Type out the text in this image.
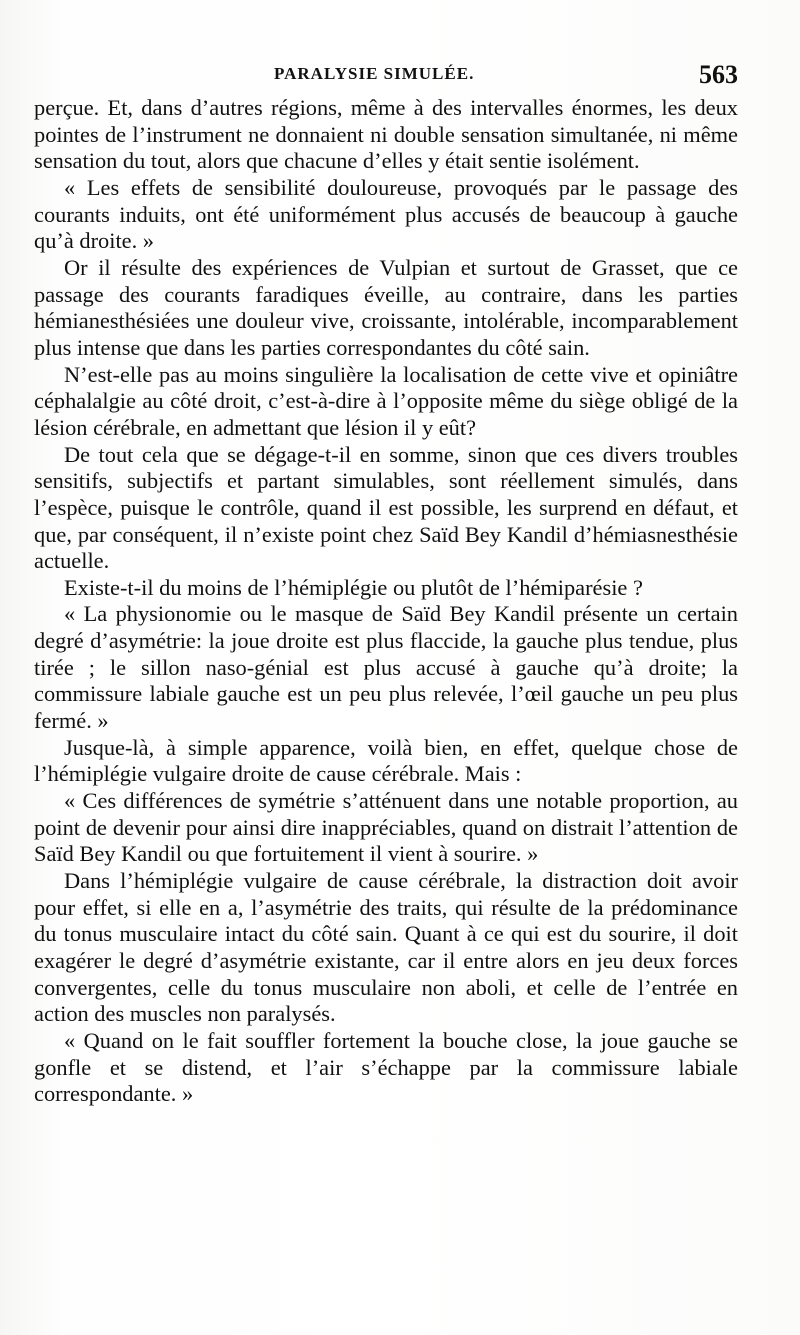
PARALYSIE SIMULÉE.	563

perçue. Et, dans d’autres régions, même à des intervalles énormes, les deux pointes de l’instrument ne donnaient ni double sensation simultanée, ni même sensation du tout, alors que chacune d’elles y était sentie isolément.

« Les effets de sensibilité douloureuse, provoqués par le passage des courants induits, ont été uniformément plus accusés de beaucoup à gauche qu’à droite. »

Or il résulte des expériences de Vulpian et surtout de Grasset, que ce passage des courants faradiques éveille, au contraire, dans les parties hémianesthésiées une douleur vive, croissante, intolérable, incomparablement plus intense que dans les parties correspondantes du côté sain.

N’est-elle pas au moins singulière la localisation de cette vive et opiniâtre céphalalgie au côté droit, c’est-à-dire à l’opposite même du siège obligé de la lésion cérébrale, en admettant que lésion il y eût?

De tout cela que se dégage-t-il en somme, sinon que ces divers troubles sensitifs, subjectifs et partant simulables, sont réellement simulés, dans l’espèce, puisque le contrôle, quand il est possible, les surprend en défaut, et que, par conséquent, il n’existe point chez Saïd Bey Kandil d’hémiasnesthésie actuelle.

Existe-t-il du moins de l’hémiplégie ou plutôt de l’hémiparésie ?

« La physionomie ou le masque de Saïd Bey Kandil présente un certain degré d’asymétrie: la joue droite est plus flaccide, la gauche plus tendue, plus tirée ; le sillon naso-génial est plus accusé à gauche qu’à droite; la commissure labiale gauche est un peu plus relevée, l’œil gauche un peu plus fermé. »

Jusque-là, à simple apparence, voilà bien, en effet, quelque chose de l’hémiplégie vulgaire droite de cause cérébrale. Mais :

« Ces différences de symétrie s’atténuent dans une notable proportion, au point de devenir pour ainsi dire inappréciables, quand on distrait l’attention de Saïd Bey Kandil ou que fortuitement il vient à sourire. »

Dans l’hémiplégie vulgaire de cause cérébrale, la distraction doit avoir pour effet, si elle en a, l’asymétrie des traits, qui résulte de la prédominance du tonus musculaire intact du côté sain. Quant à ce qui est du sourire, il doit exagérer le degré d’asymétrie existante, car il entre alors en jeu deux forces convergentes, celle du tonus musculaire non aboli, et celle de l’entrée en action des muscles non paralysés.

« Quand on le fait souffler fortement la bouche close, la joue gauche se gonfle et se distend, et l’air s’échappe par la commissure labiale correspondante. »
